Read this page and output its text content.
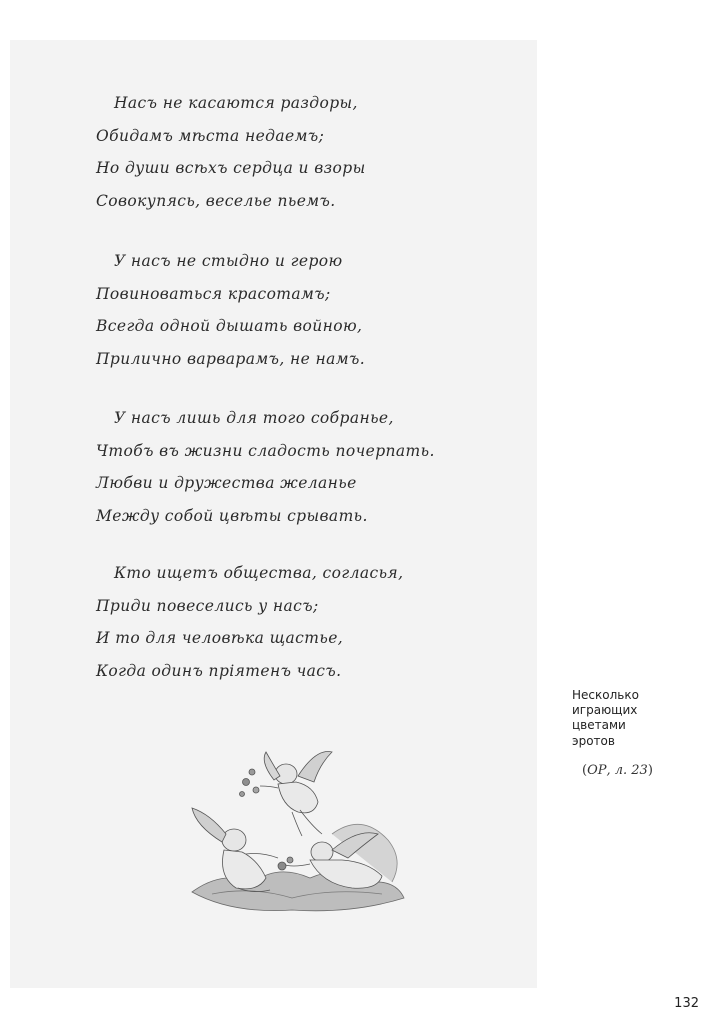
Насъ не касаются раздоры,
Обидамъ мѣста недаемъ;
Но души всѣхъ сердца и взоры
Совокупясь, веселье пьемъ.
У насъ не стыдно и герою
Повиноваться красотамъ;
Всегда одной дышать войною,
Прилично варварамъ, не намъ.
У насъ лишь для того собранье,
Чтобъ въ жизни сладость почерпать.
Любви и дружества желанье
Между собой цвѣты срывать.
Кто ищетъ общества, согласья,
Приди повеселись у насъ;
И то для человѣка щастье,
Когда одинъ прiятенъ часъ.
Несколько
играющих
цветами
эротов
(ОР, л. 23)
132
